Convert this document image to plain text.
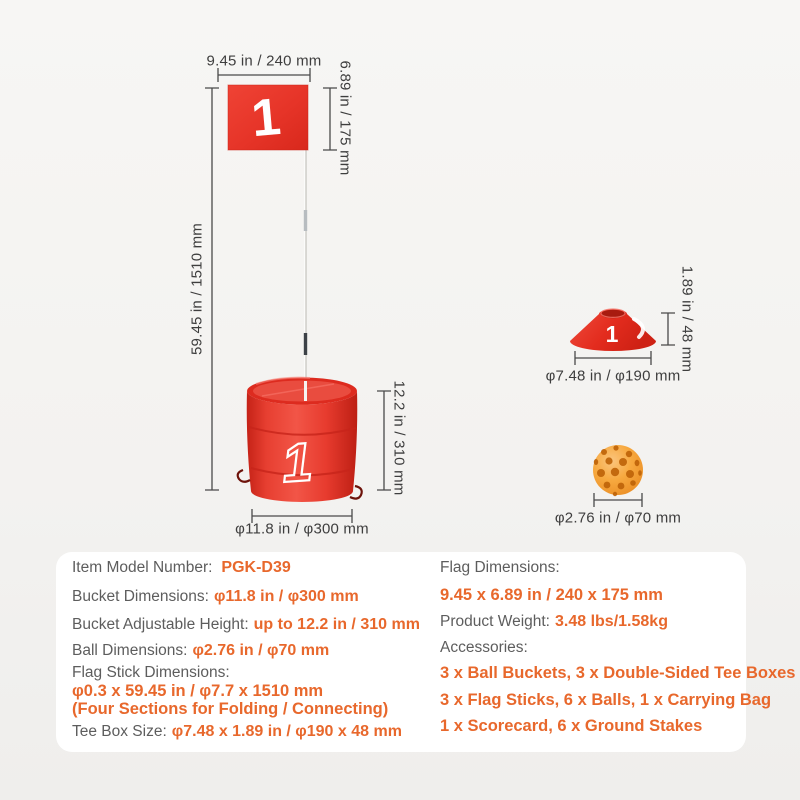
1
1
1
9.45 in / 240 mm 6.89 in / 175 mm
59.45 in / 1510 mm
12.2 in / 310 mm
φ11.8 in / φ300 mm
1.89 in / 48 mm
φ7.48 in / φ190 mm
φ2.76 in / φ70 mm
Item Model Number: PGK-D39
Bucket Dimensions: φ11.8 in / φ300 mm
Bucket Adjustable Height: up to 12.2 in / 310 mm
Ball Dimensions: φ2.76 in / φ70 mm
Flag Stick Dimensions:
φ0.3 x 59.45 in / φ7.7 x 1510 mm
(Four Sections for Folding / Connecting)
Tee Box Size: φ7.48 x 1.89 in / φ190 x 48 mm
Flag Dimensions:
9.45 x 6.89 in / 240 x 175 mm
Product Weight: 3.48 lbs/1.58kg
Accessories:
3 x Ball Buckets, 3 x Double-Sided Tee Boxes
3 x Flag Sticks, 6 x Balls, 1 x Carrying Bag
1 x Scorecard, 6 x Ground Stakes
